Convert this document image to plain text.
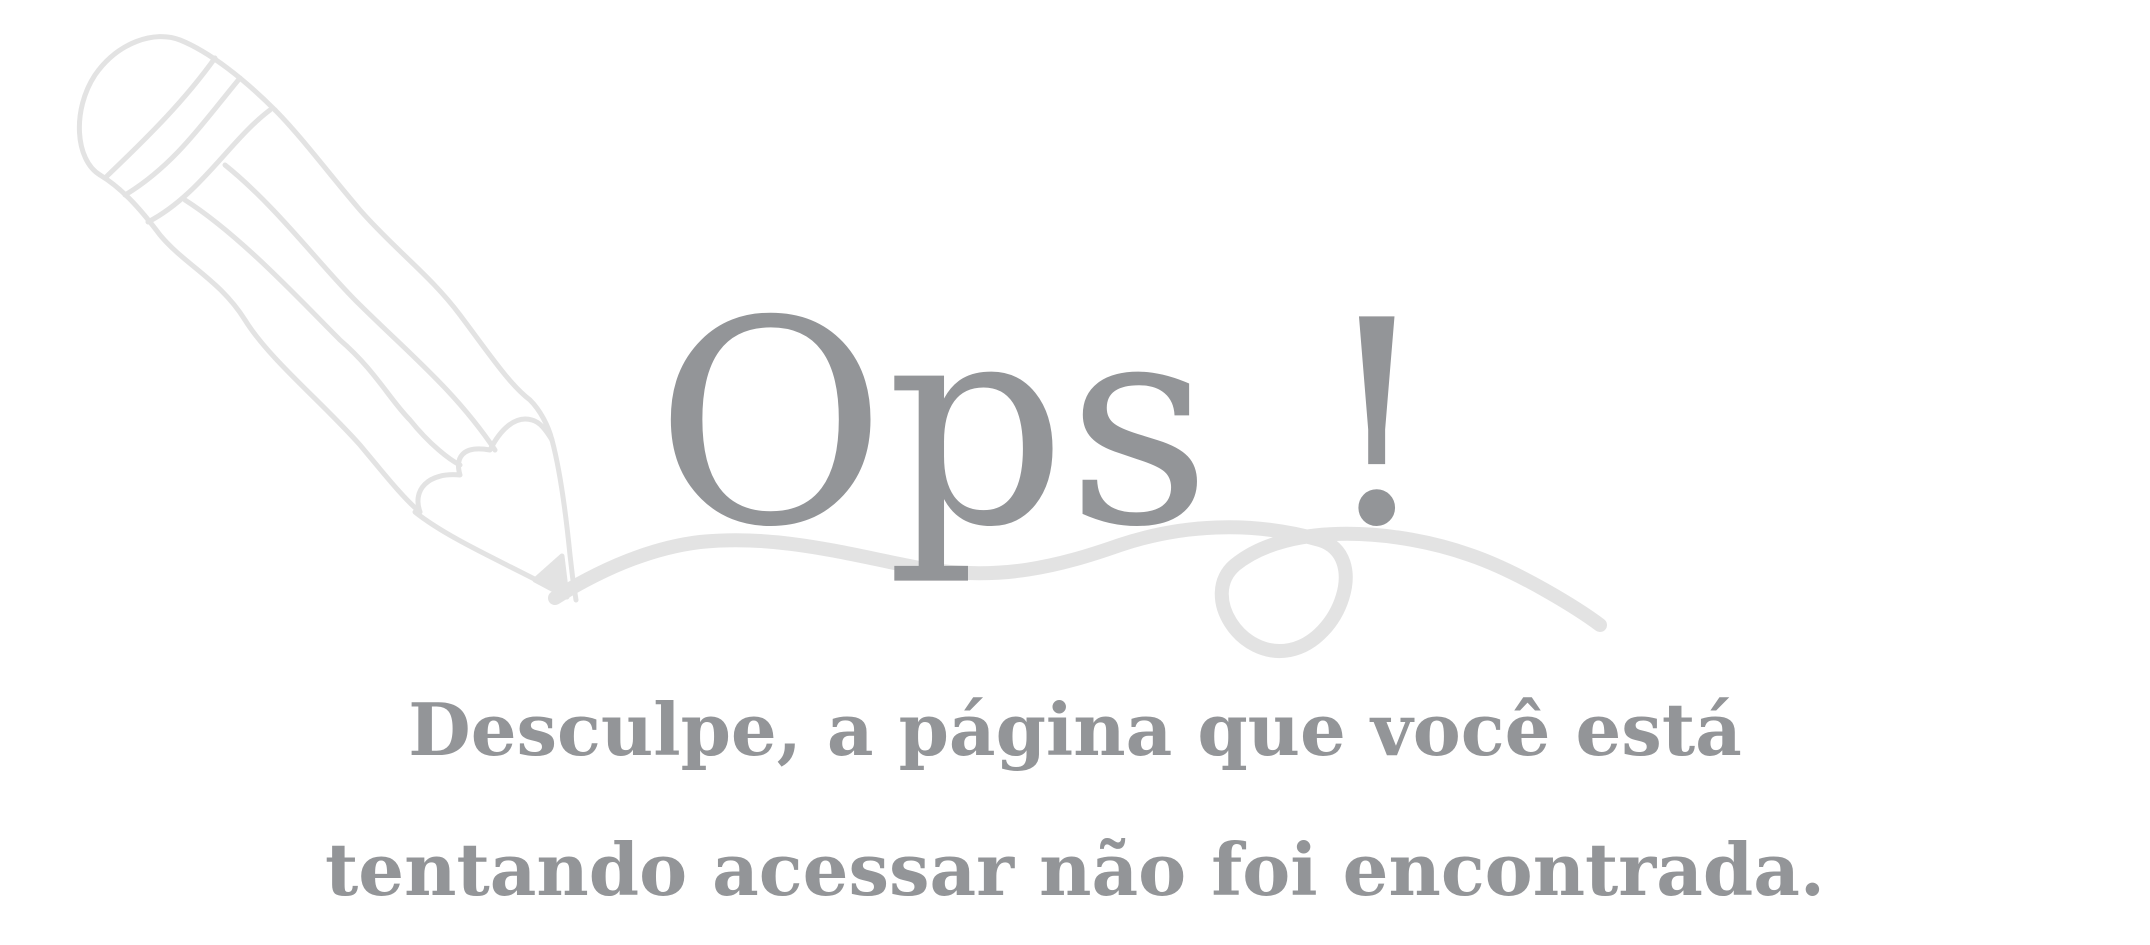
Ops !
Desculpe, a página que você está
tentando acessar não foi encontrada.
